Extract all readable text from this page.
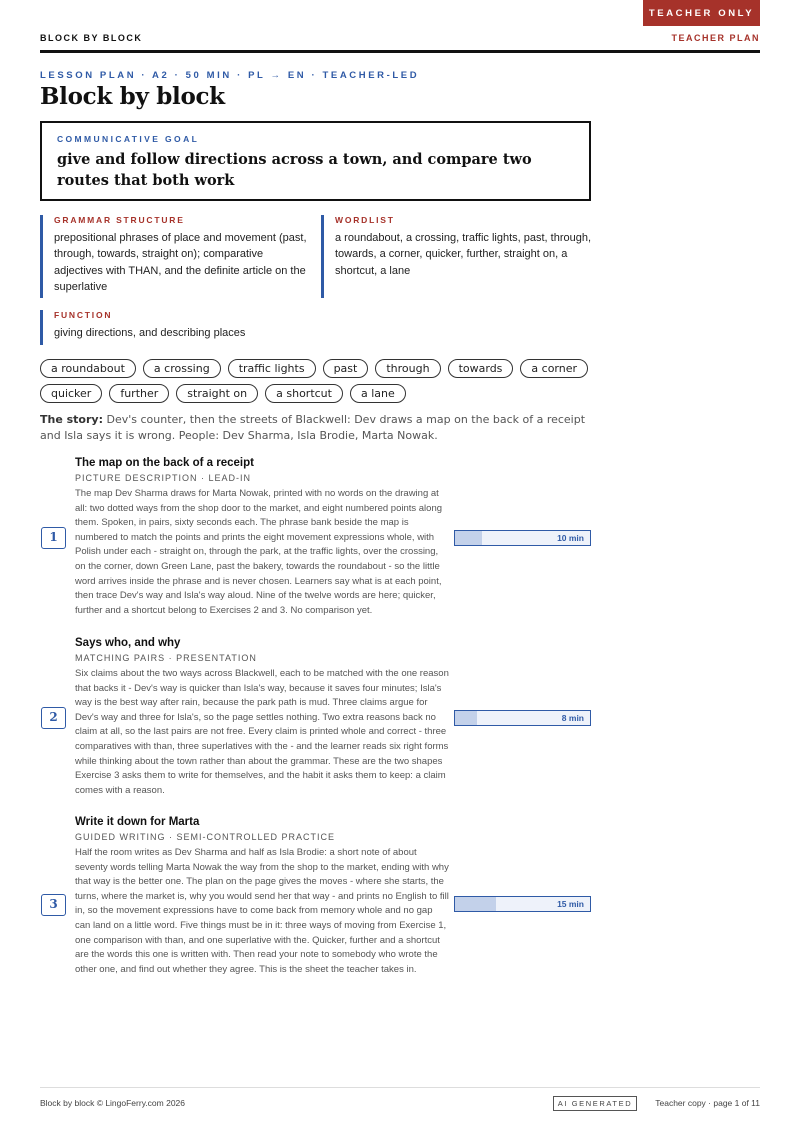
TEACHER ONLY
BLOCK BY BLOCK	TEACHER PLAN
LESSON PLAN · A2 · 50 MIN · PL → EN · TEACHER-LED
Block by block
COMMUNICATIVE GOAL
give and follow directions across a town, and compare two routes that both work
GRAMMAR STRUCTURE
prepositional phrases of place and movement (past, through, towards, straight on); comparative adjectives with THAN, and the definite article on the superlative
WORDLIST
a roundabout, a crossing, traffic lights, past, through, towards, a corner, quicker, further, straight on, a shortcut, a lane
FUNCTION
giving directions, and describing places
a roundabout	a crossing	traffic lights	past	through	towards	a corner
quicker	further	straight on	a shortcut	a lane
The story: Dev's counter, then the streets of Blackwell: Dev draws a map on the back of a receipt and Isla says it is wrong. People: Dev Sharma, Isla Brodie, Marta Nowak.
The map on the back of a receipt
PICTURE DESCRIPTION · LEAD-IN
The map Dev Sharma draws for Marta Nowak, printed with no words on the drawing at all: two dotted ways from the shop door to the market, and eight numbered points along them. Spoken, in pairs, sixty seconds each. The phrase bank beside the map is numbered to match the points and prints the eight movement expressions whole, with Polish under each - straight on, through the park, at the traffic lights, over the crossing, on the corner, down Green Lane, past the bakery, towards the roundabout - so the little word arrives inside the phrase and is never chosen. Learners say what is at each point, then trace Dev's way and Isla's way aloud. Nine of the twelve words are here; quicker, further and a shortcut belong to Exercises 2 and 3. No comparison yet.
1	10 min
Says who, and why
MATCHING PAIRS · PRESENTATION
Six claims about the two ways across Blackwell, each to be matched with the one reason that backs it - Dev's way is quicker than Isla's way, because it saves four minutes; Isla's way is the best way after rain, because the park path is mud. Three claims argue for Dev's way and three for Isla's, so the page settles nothing. Two extra reasons back no claim at all, so the last pairs are not free. Every claim is printed whole and correct - three comparatives with than, three superlatives with the - and the learner reads six right forms while thinking about the town rather than about the grammar. These are the two shapes Exercise 3 asks them to write for themselves, and the habit it asks them to keep: a claim comes with a reason.
2	8 min
Write it down for Marta
GUIDED WRITING · SEMI-CONTROLLED PRACTICE
Half the room writes as Dev Sharma and half as Isla Brodie: a short note of about seventy words telling Marta Nowak the way from the shop to the market, ending with why that way is the better one. The plan on the page gives the moves - where she starts, the turns, where the market is, why you would send her that way - and prints no English to fill in, so the movement expressions have to come back from memory whole and no gap can land on a little word. Five things must be in it: three ways of moving from Exercise 1, one comparison with than, and one superlative with the. Quicker, further and a shortcut are the words this one is written with. Then read your note to somebody who wrote the other one, and find out whether they agree. This is the sheet the teacher takes in.
3	15 min
Block by block © LingoFerry.com 2026	AI GENERATED	Teacher copy · page 1 of 11
